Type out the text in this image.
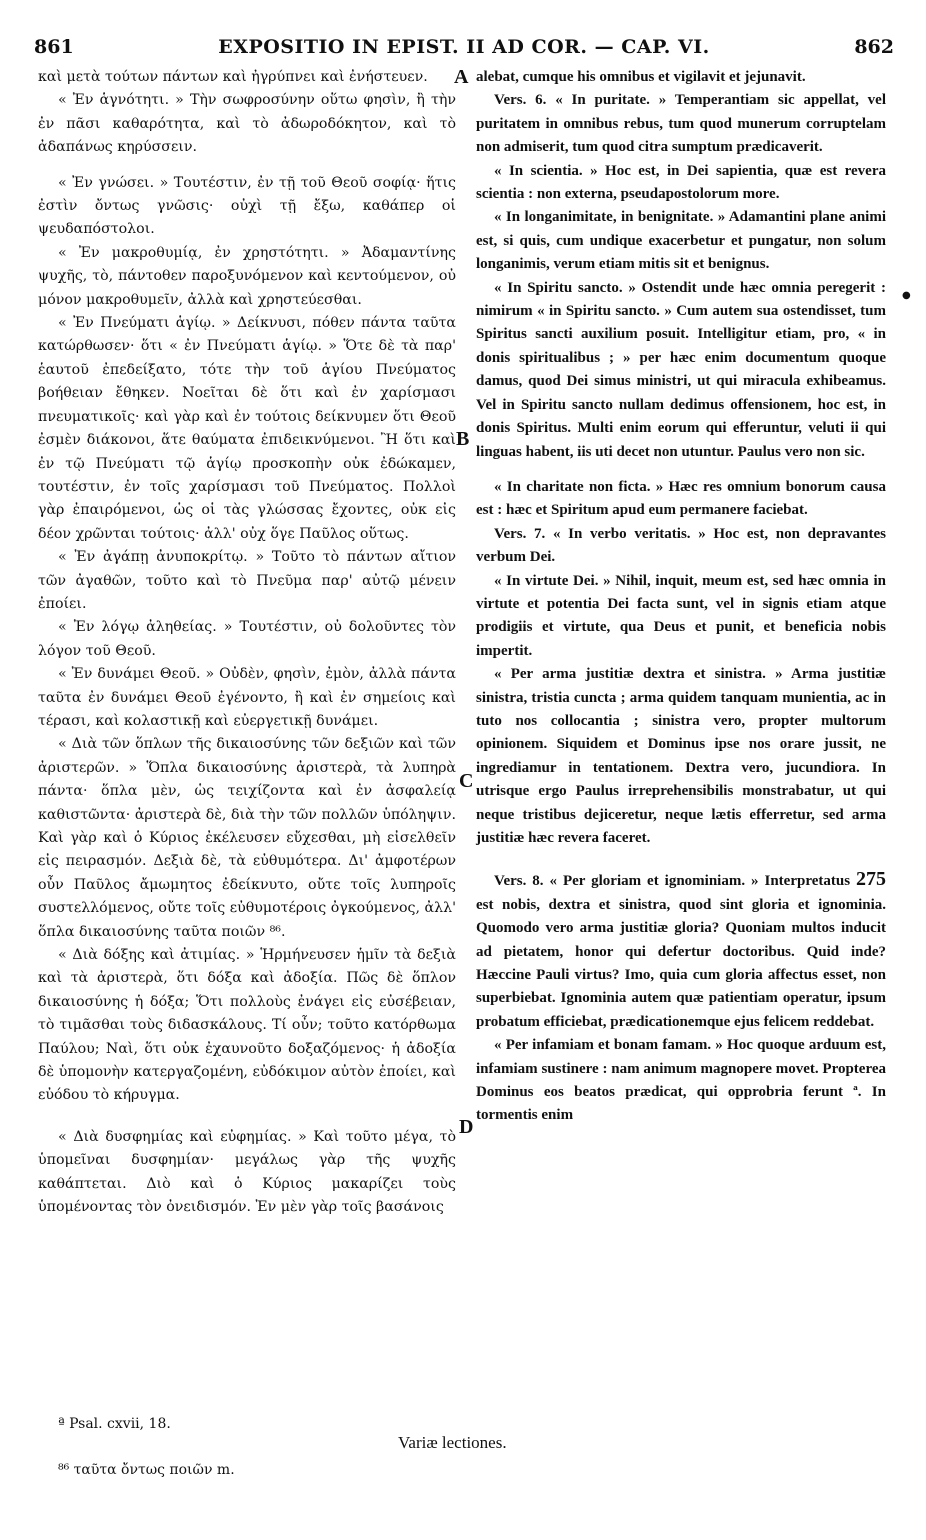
861	EXPOSITIO IN EPIST. II AD COR. — CAP. VI.	862

καὶ μετὰ τούτων πάντων καὶ ἠγρύπνει καὶ ἐνήστευεν.

« Ἐν ἁγνότητι. » Τὴν σωφροσύνην οὕτω φησὶν, ἢ τὴν ἐν πᾶσι καθαρότητα, καὶ τὸ ἀδωροδόκητον, καὶ τὸ ἀδαπάνως κηρύσσειν.

« Ἐν γνώσει. » Τουτέστιν, ἐν τῇ τοῦ Θεοῦ σοφίᾳ· ἥτις ἐστὶν ὄντως γνῶσις· οὐχὶ τῇ ἔξω, καθάπερ οἱ ψευδαπόστολοι.

« Ἐν μακροθυμίᾳ, ἐν χρηστότητι. » Ἀδαμαντίνης ψυχῆς, τὸ, πάντοθεν παροξυνόμενον καὶ κεντούμενον, οὐ μόνον μακροθυμεῖν, ἀλλὰ καὶ χρηστεύεσθαι.

« Ἐν Πνεύματι ἁγίῳ. » Δείκνυσι, πόθεν πάντα ταῦτα κατώρθωσεν· ὅτι « ἐν Πνεύματι ἁγίῳ. » Ὅτε δὲ τὰ παρ' ἑαυτοῦ ἐπεδείξατο, τότε τὴν τοῦ ἁγίου Πνεύματος βοήθειαν ἔθηκεν. Νοεῖται δὲ ὅτι καὶ ἐν χαρίσμασι πνευματικοῖς· καὶ γὰρ καὶ ἐν τούτοις δείκνυμεν ὅτι Θεοῦ ἐσμὲν διάκονοι, ἅτε θαύματα ἐπιδεικνύμενοι. Ἢ ὅτι καὶ ἐν τῷ Πνεύματι τῷ ἁγίῳ προσκοπὴν οὐκ ἐδώκαμεν, τουτέστιν, ἐν τοῖς χαρίσμασι τοῦ Πνεύματος. Πολλοὶ γὰρ ἐπαιρόμενοι, ὡς οἱ τὰς γλώσσας ἔχοντες, οὐκ εἰς δέον χρῶνται τούτοις· ἀλλ' οὐχ ὅγε Παῦλος οὕτως.

« Ἐν ἀγάπῃ ἀνυποκρίτῳ. » Τοῦτο τὸ πάντων αἴτιον τῶν ἀγαθῶν, τοῦτο καὶ τὸ Πνεῦμα παρ' αὐτῷ μένειν ἐποίει.

« Ἐν λόγῳ ἀληθείας. » Τουτέστιν, οὐ δολοῦντες τὸν λόγον τοῦ Θεοῦ.

« Ἐν δυνάμει Θεοῦ. » Οὐδὲν, φησὶν, ἐμὸν, ἀλλὰ πάντα ταῦτα ἐν δυνάμει Θεοῦ ἐγένοντο, ἢ καὶ ἐν σημείοις καὶ τέρασι, καὶ κολαστικῇ καὶ εὐεργετικῇ δυνάμει.

« Διὰ τῶν ὅπλων τῆς δικαιοσύνης τῶν δεξιῶν καὶ τῶν ἀριστερῶν. » Ὅπλα δικαιοσύνης ἀριστερὰ, τὰ λυπηρὰ πάντα· ὅπλα μὲν, ὡς τειχίζοντα καὶ ἐν ἀσφαλείᾳ καθιστῶντα· ἀριστερὰ δὲ, διὰ τὴν τῶν πολλῶν ὑπόληψιν. Καὶ γὰρ καὶ ὁ Κύριος ἐκέλευσεν εὔχεσθαι, μὴ εἰσελθεῖν εἰς πειρασμόν. Δεξιὰ δὲ, τὰ εὐθυμότερα. Δι' ἀμφοτέρων οὖν Παῦλος ἄμωμητος ἐδείκνυτο, οὔτε τοῖς λυπηροῖς συστελλόμενος, οὔτε τοῖς εὐθυμοτέροις ὀγκούμενος, ἀλλ' ὅπλα δικαιοσύνης ταῦτα ποιῶν ⁸⁶.

« Διὰ δόξης καὶ ἀτιμίας. » Ἡρμήνευσεν ἡμῖν τὰ δεξιὰ καὶ τὰ ἀριστερὰ, ὅτι δόξα καὶ ἀδοξία. Πῶς δὲ ὅπλον δικαιοσύνης ἡ δόξα; Ὅτι πολλοὺς ἐνάγει εἰς εὐσέβειαν, τὸ τιμᾶσθαι τοὺς διδασκάλους. Τί οὖν; τοῦτο κατόρθωμα Παύλου; Ναὶ, ὅτι οὐκ ἐχαυνοῦτο δοξαζόμενος· ἡ ἀδοξία δὲ ὑπομονὴν κατεργαζομένη, εὐδόκιμον αὐτὸν ἐποίει, καὶ εὐόδου τὸ κήρυγμα.

« Διὰ δυσφημίας καὶ εὐφημίας. » Καὶ τοῦτο μέγα, τὸ ὑπομεῖναι δυσφημίαν· μεγάλως γὰρ τῆς ψυχῆς καθάπτεται. Διὸ καὶ ὁ Κύριος μακαρίζει τοὺς ὑπομένοντας τὸν ὀνειδισμόν. Ἐν μὲν γὰρ τοῖς βασάνοις

alebat, cumque his omnibus et vigilavit et jejunavit.

Vers. 6. « In puritate. » Temperantiam sic appellat, vel puritatem in omnibus rebus, tum quod munerum corruptelam non admiserit, tum quod citra sumptum prædicaverit.

« In scientia. » Hoc est, in Dei sapientia, quæ est revera scientia : non externa, pseudapostolorum more.

« In longanimitate, in benignitate. » Adamantini plane animi est, si quis, cum undique exacerbetur et pungatur, non solum longanimis, verum etiam mitis sit et benignus.

« In Spiritu sancto. » Ostendit unde hæc omnia peregerit : nimirum « in Spiritu sancto. » Cum autem sua ostendisset, tum Spiritus sancti auxilium posuit. Intelligitur etiam, pro, « in donis spiritualibus ; » per hæc enim documentum quoque damus, quod Dei simus ministri, ut qui miracula exhibeamus. Vel in Spiritu sancto nullam dedimus offensionem, hoc est, in donis Spiritus. Multi enim eorum qui efferuntur, veluti ii qui linguas habent, iis uti decet non utuntur. Paulus vero non sic.

« In charitate non ficta. » Hæc res omnium bonorum causa est : hæc et Spiritum apud eum permanere faciebat.

Vers. 7. « In verbo veritatis. » Hoc est, non depravantes verbum Dei.

« In virtute Dei. » Nihil, inquit, meum est, sed hæc omnia in virtute et potentia Dei facta sunt, vel in signis etiam atque prodigiis et virtute, qua Deus et punit, et beneficia nobis impertit.

« Per arma justitiæ dextra et sinistra. » Arma justitiæ sinistra, tristia cuncta ; arma quidem tanquam munientia, ac in tuto nos collocantia ; sinistra vero, propter multorum opinionem. Siquidem et Dominus ipse nos orare jussit, ne ingrediamur in tentationem. Dextra vero, jucundiora. In utrisque ergo Paulus irreprehensibilis monstrabatur, ut qui neque tristibus dejiceretur, neque lætis efferretur, sed arma justitiæ hæc revera faceret.

Vers. 8. « Per gloriam et ignominiam. » Interpretatus 275 est nobis, dextra et sinistra, quod sint gloria et ignominia. Quomodo vero arma justitiæ gloria? Quoniam multos inducit ad pietatem, honor qui defertur doctoribus. Quid inde? Hæccine Pauli virtus? Imo, quia cum gloria affectus esset, non superbiebat. Ignominia autem quæ patientiam operatur, ipsum probatum efficiebat, prædicationemque ejus felicem reddebat.

« Per infamiam et bonam famam. » Hoc quoque arduum est, infamiam sustinere : nam animum magnopere movet. Propterea Dominus eos beatos prædicat, qui opprobria ferunt ª. In tormentis enim

A
B
C
D
●
ª Psal. cxvii, 18.
Variæ lectiones.
⁸⁶ ταῦτα ὄντως ποιῶν m.
